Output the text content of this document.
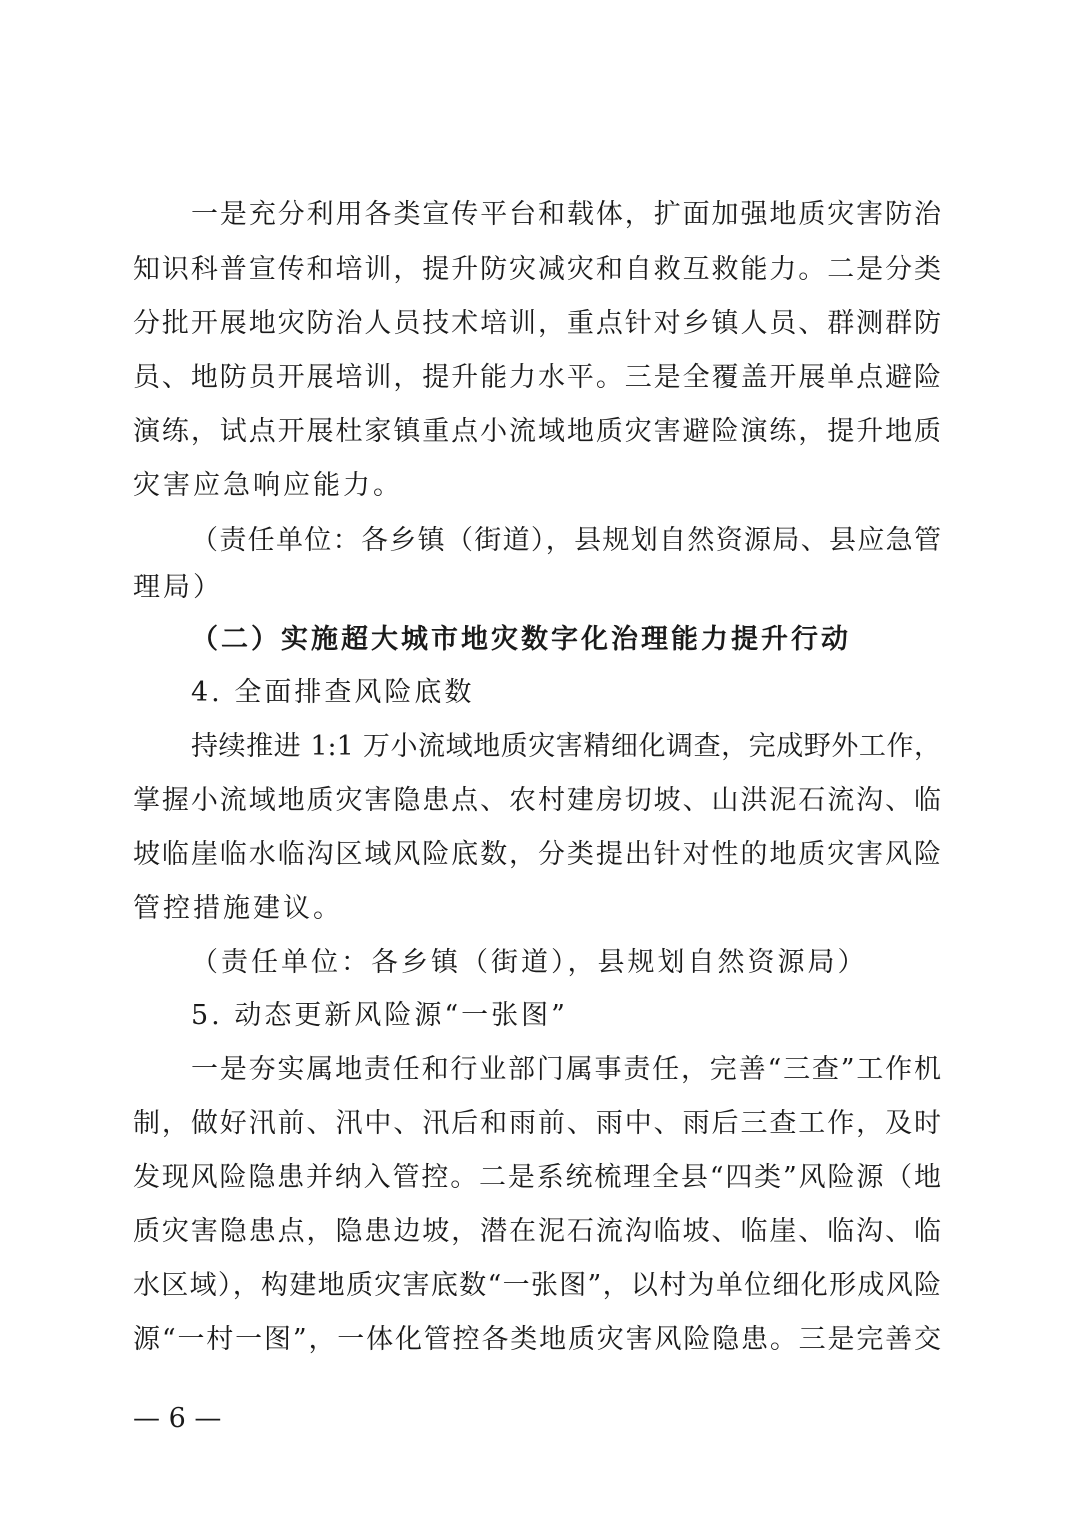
一是充分利用各类宣传平台和载体，扩面加强地质灾害防治
知识科普宣传和培训，提升防灾减灾和自救互救能力。二是分类
分批开展地灾防治人员技术培训，重点针对乡镇人员、群测群防
员、地防员开展培训，提升能力水平。三是全覆盖开展单点避险
演练，试点开展杜家镇重点小流域地质灾害避险演练，提升地质
灾害应急响应能力。
（责任单位：各乡镇（街道），县规划自然资源局、县应急管
理局）
（二）实施超大城市地灾数字化治理能力提升行动
4. 全面排查风险底数
持续推进 1:1 万小流域地质灾害精细化调查，完成野外工作，
掌握小流域地质灾害隐患点、农村建房切坡、山洪泥石流沟、临
坡临崖临水临沟区域风险底数，分类提出针对性的地质灾害风险
管控措施建议。
（责任单位：各乡镇（街道），县规划自然资源局）
5. 动态更新风险源“一张图”
一是夯实属地责任和行业部门属事责任，完善“三查”工作机
制，做好汛前、汛中、汛后和雨前、雨中、雨后三查工作，及时
发现风险隐患并纳入管控。二是系统梳理全县“四类”风险源（地
质灾害隐患点，隐患边坡，潜在泥石流沟临坡、临崖、临沟、临
水区域），构建地质灾害底数“一张图”，以村为单位细化形成风险
源“一村一图”，一体化管控各类地质灾害风险隐患。三是完善交
— 6 —
